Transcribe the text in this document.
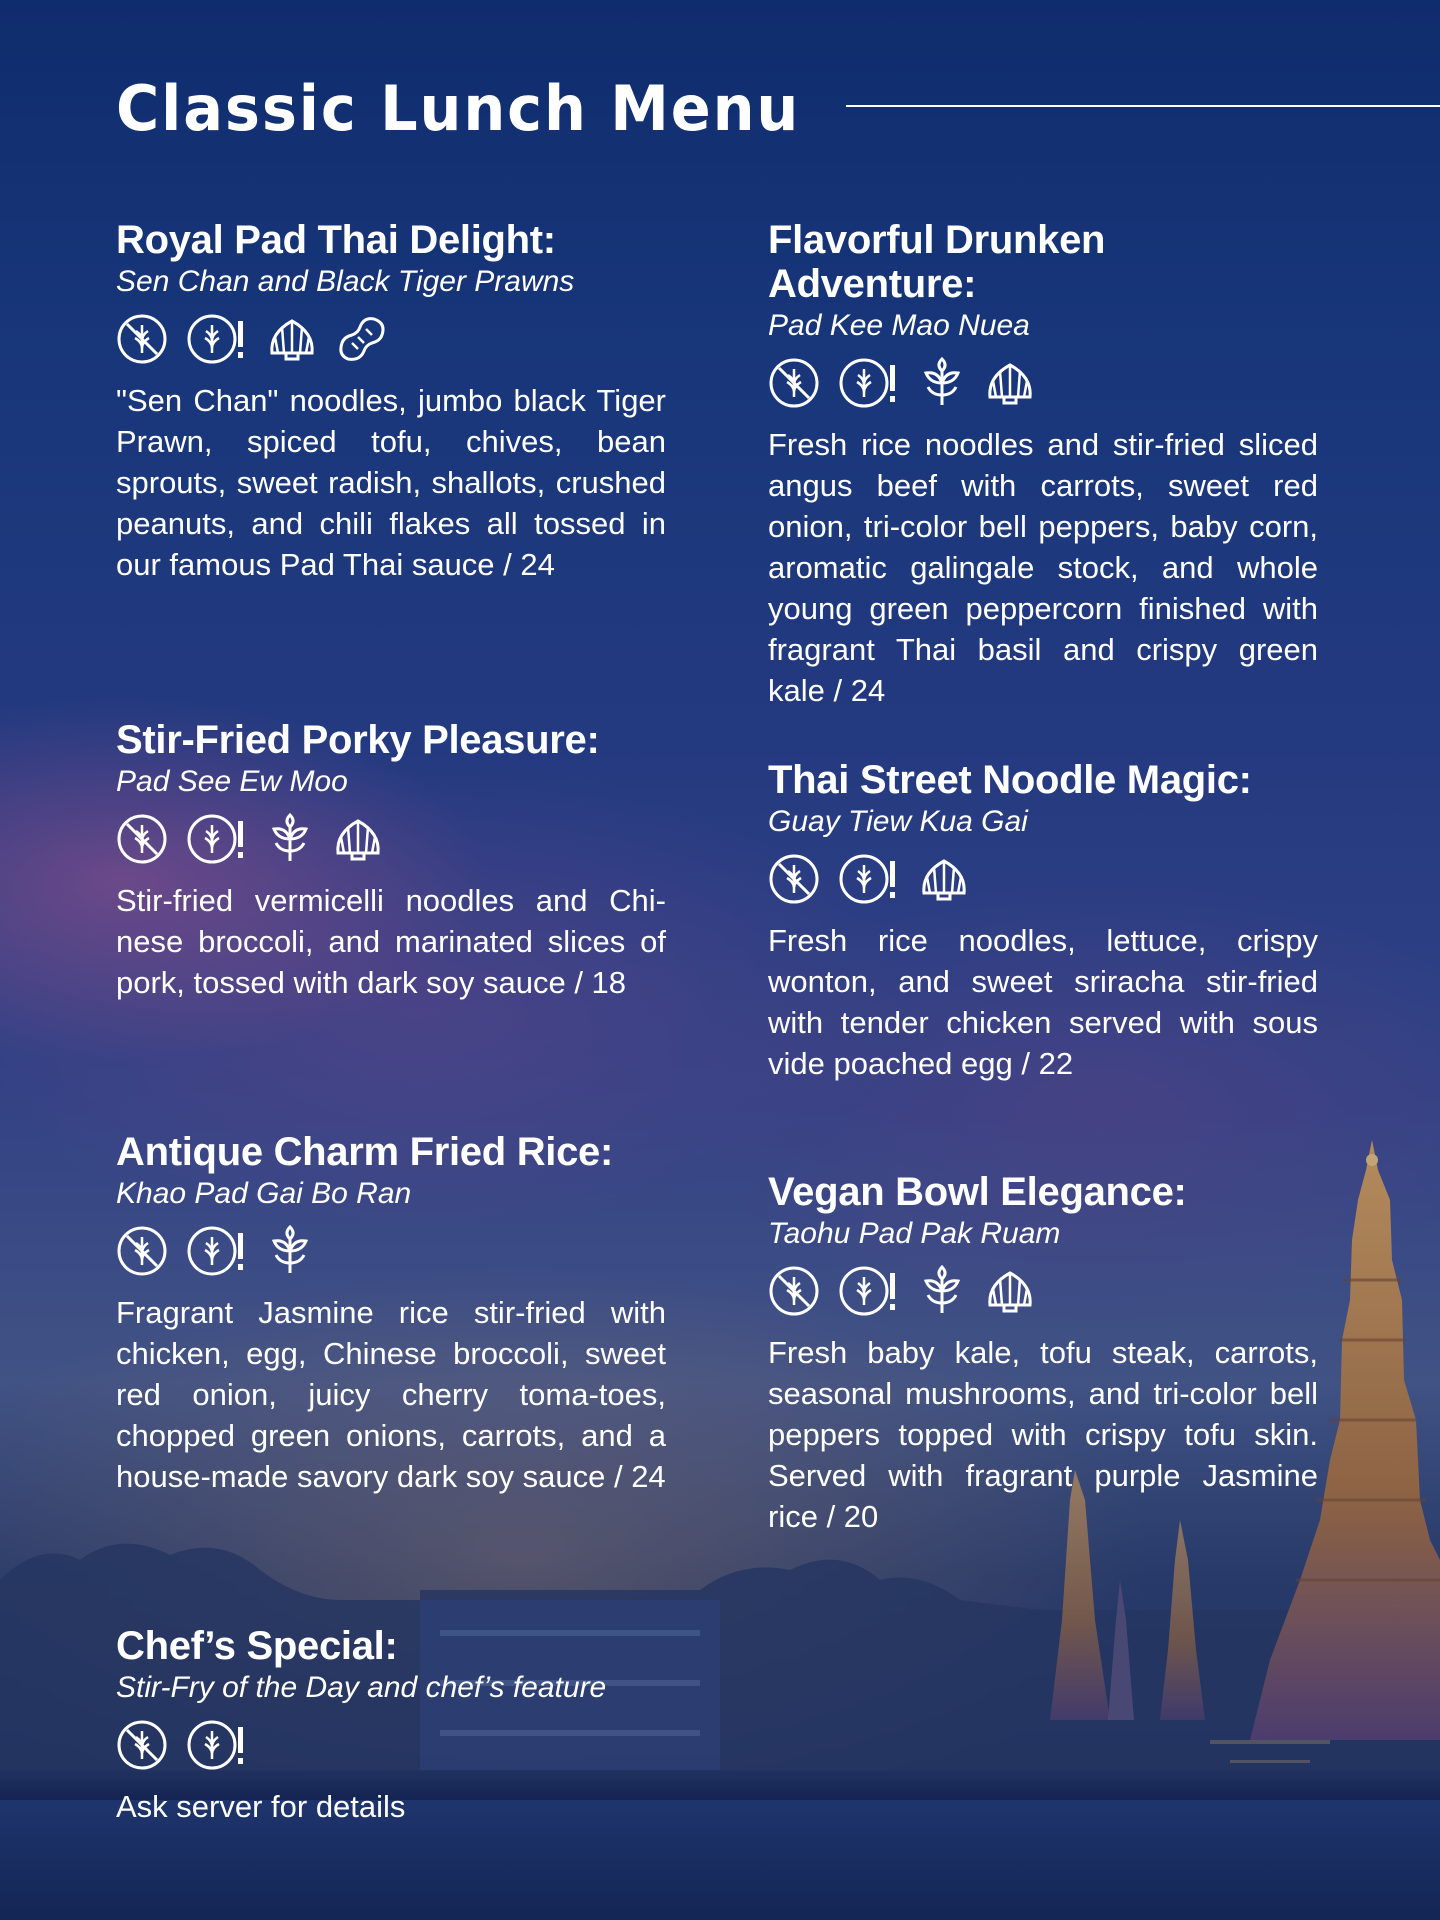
Classic Lunch Menu
Royal Pad Thai Delight:

Sen Chan and Black Tiger Prawns

"Sen Chan" noodles, jumbo black Tiger Prawn, spiced tofu, chives, bean sprouts, sweet radish, shallots, crushed peanuts, and chili flakes all tossed in our famous Pad Thai sauce / 24

Stir-Fried Porky Pleasure:

Pad See Ew Moo

Stir-fried vermicelli noodles and Chi-nese broccoli, and marinated slices of pork, tossed with dark soy sauce / 18

Antique Charm Fried Rice:

Khao Pad Gai Bo Ran

Fragrant Jasmine rice stir-fried with chicken, egg, Chinese broccoli, sweet red onion, juicy cherry toma-toes, chopped green onions, carrots, and a house-made savory dark soy sauce / 24

Chef’s Special:

Stir-Fry of the Day and chef’s feature

Ask server for details

Flavorful Drunken Adventure:

Pad Kee Mao Nuea

Fresh rice noodles and stir-fried sliced angus beef with carrots, sweet red onion, tri-color bell peppers, baby corn, aromatic galingale stock, and whole young green peppercorn finished with fragrant Thai basil and crispy green kale / 24

Thai Street Noodle Magic:

Guay Tiew Kua Gai

Fresh rice noodles, lettuce, crispy wonton, and sweet sriracha stir-fried with tender chicken served with sous vide poached egg / 22

Vegan Bowl Elegance:

Taohu Pad Pak Ruam

Fresh baby kale, tofu steak, carrots, seasonal mushrooms, and tri-color bell peppers topped with crispy tofu skin. Served with fragrant purple Jasmine rice / 20
